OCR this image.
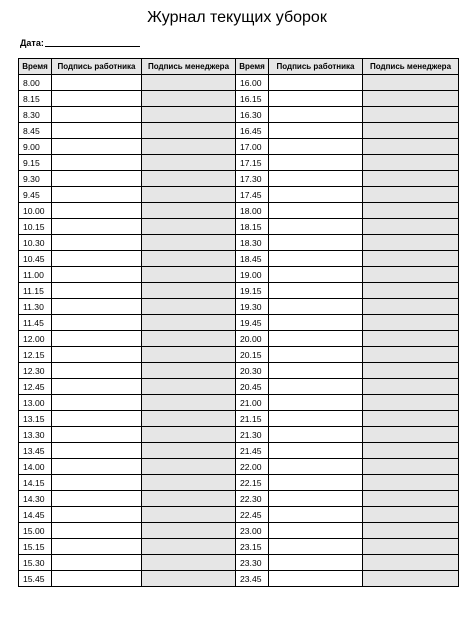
Журнал текущих уборок
Дата:
Время	Подпись работника	Подпись менеджера	Время	Подпись работника	Подпись менеджера
8.00			16.00		
8.15			16.15		
8.30			16.30		
8.45			16.45		
9.00			17.00		
9.15			17.15		
9.30			17.30		
9.45			17.45		
10.00			18.00		
10.15			18.15		
10.30			18.30		
10.45			18.45		
11.00			19.00		
11.15			19.15		
11.30			19.30		
11.45			19.45		
12.00			20.00		
12.15			20.15		
12.30			20.30		
12.45			20.45		
13.00			21.00		
13.15			21.15		
13.30			21.30		
13.45			21.45		
14.00			22.00		
14.15			22.15		
14.30			22.30		
14.45			22.45		
15.00			23.00		
15.15			23.15		
15.30			23.30		
15.45			23.45		
